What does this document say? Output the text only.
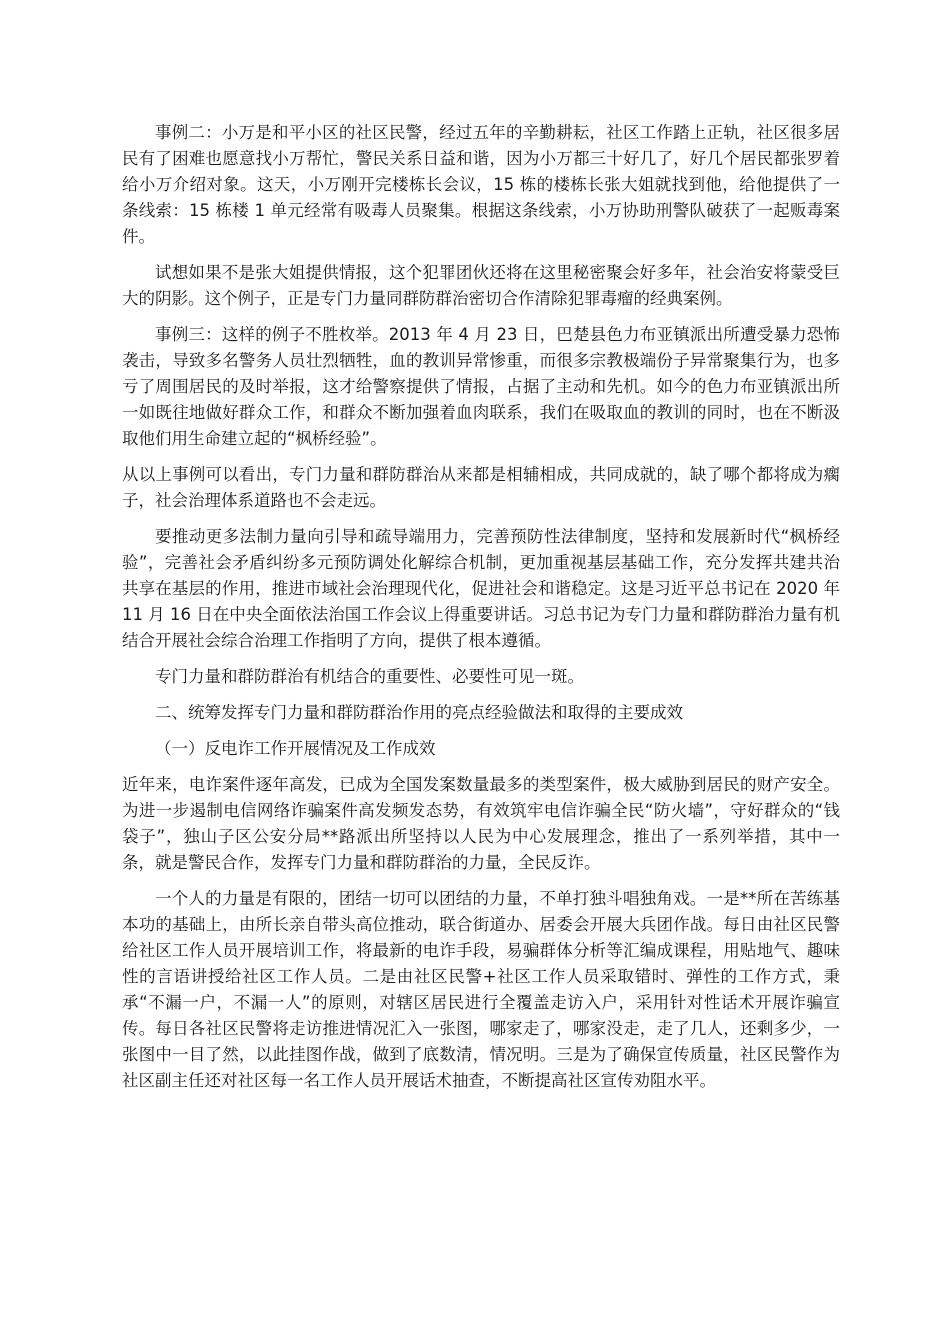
事例二：小万是和平小区的社区民警，经过五年的辛勤耕耘，社区工作踏上正轨，社区很多居民有了困难也愿意找小万帮忙，警民关系日益和谐，因为小万都三十好几了，好几个居民都张罗着给小万介绍对象。这天，小万刚开完楼栋长会议，15 栋的楼栋长张大姐就找到他，给他提供了一条线索：15 栋楼 1 单元经常有吸毒人员聚集。根据这条线索，小万协助刑警队破获了一起贩毒案件。

试想如果不是张大姐提供情报，这个犯罪团伙还将在这里秘密聚会好多年，社会治安将蒙受巨大的阴影。这个例子，正是专门力量同群防群治密切合作清除犯罪毒瘤的经典案例。

事例三：这样的例子不胜枚举。2013 年 4 月 23 日，巴楚县色力布亚镇派出所遭受暴力恐怖袭击，导致多名警务人员壮烈牺牲，血的教训异常惨重，而很多宗教极端份子异常聚集行为，也多亏了周围居民的及时举报，这才给警察提供了情报，占据了主动和先机。如今的色力布亚镇派出所一如既往地做好群众工作，和群众不断加强着血肉联系，我们在吸取血的教训的同时，也在不断汲取他们用生命建立起的“枫桥经验”。

从以上事例可以看出，专门力量和群防群治从来都是相辅相成，共同成就的，缺了哪个都将成为瘸子，社会治理体系道路也不会走远。

要推动更多法制力量向引导和疏导端用力，完善预防性法律制度，坚持和发展新时代“枫桥经验”，完善社会矛盾纠纷多元预防调处化解综合机制，更加重视基层基础工作，充分发挥共建共治共享在基层的作用，推进市域社会治理现代化，促进社会和谐稳定。这是习近平总书记在 2020 年 11 月 16 日在中央全面依法治国工作会议上得重要讲话。习总书记为专门力量和群防群治力量有机结合开展社会综合治理工作指明了方向，提供了根本遵循。

专门力量和群防群治有机结合的重要性、必要性可见一斑。

二、统筹发挥专门力量和群防群治作用的亮点经验做法和取得的主要成效

（一）反电诈工作开展情况及工作成效

近年来，电诈案件逐年高发，已成为全国发案数量最多的类型案件，极大威胁到居民的财产安全。为进一步遏制电信网络诈骗案件高发频发态势，有效筑牢电信诈骗全民“防火墙”，守好群众的“钱袋子”，独山子区公安分局**路派出所坚持以人民为中心发展理念，推出了一系列举措，其中一条，就是警民合作，发挥专门力量和群防群治的力量，全民反诈。

一个人的力量是有限的，团结一切可以团结的力量，不单打独斗唱独角戏。一是**所在苦练基本功的基础上，由所长亲自带头高位推动，联合街道办、居委会开展大兵团作战。每日由社区民警给社区工作人员开展培训工作，将最新的电诈手段，易骗群体分析等汇编成课程，用贴地气、趣味性的言语讲授给社区工作人员。二是由社区民警+社区工作人员采取错时、弹性的工作方式，秉承“不漏一户，不漏一人”的原则，对辖区居民进行全覆盖走访入户，采用针对性话术开展诈骗宣传。每日各社区民警将走访推进情况汇入一张图，哪家走了，哪家没走，走了几人，还剩多少，一张图中一目了然，以此挂图作战，做到了底数清，情况明。三是为了确保宣传质量，社区民警作为社区副主任还对社区每一名工作人员开展话术抽查，不断提高社区宣传劝阻水平。
